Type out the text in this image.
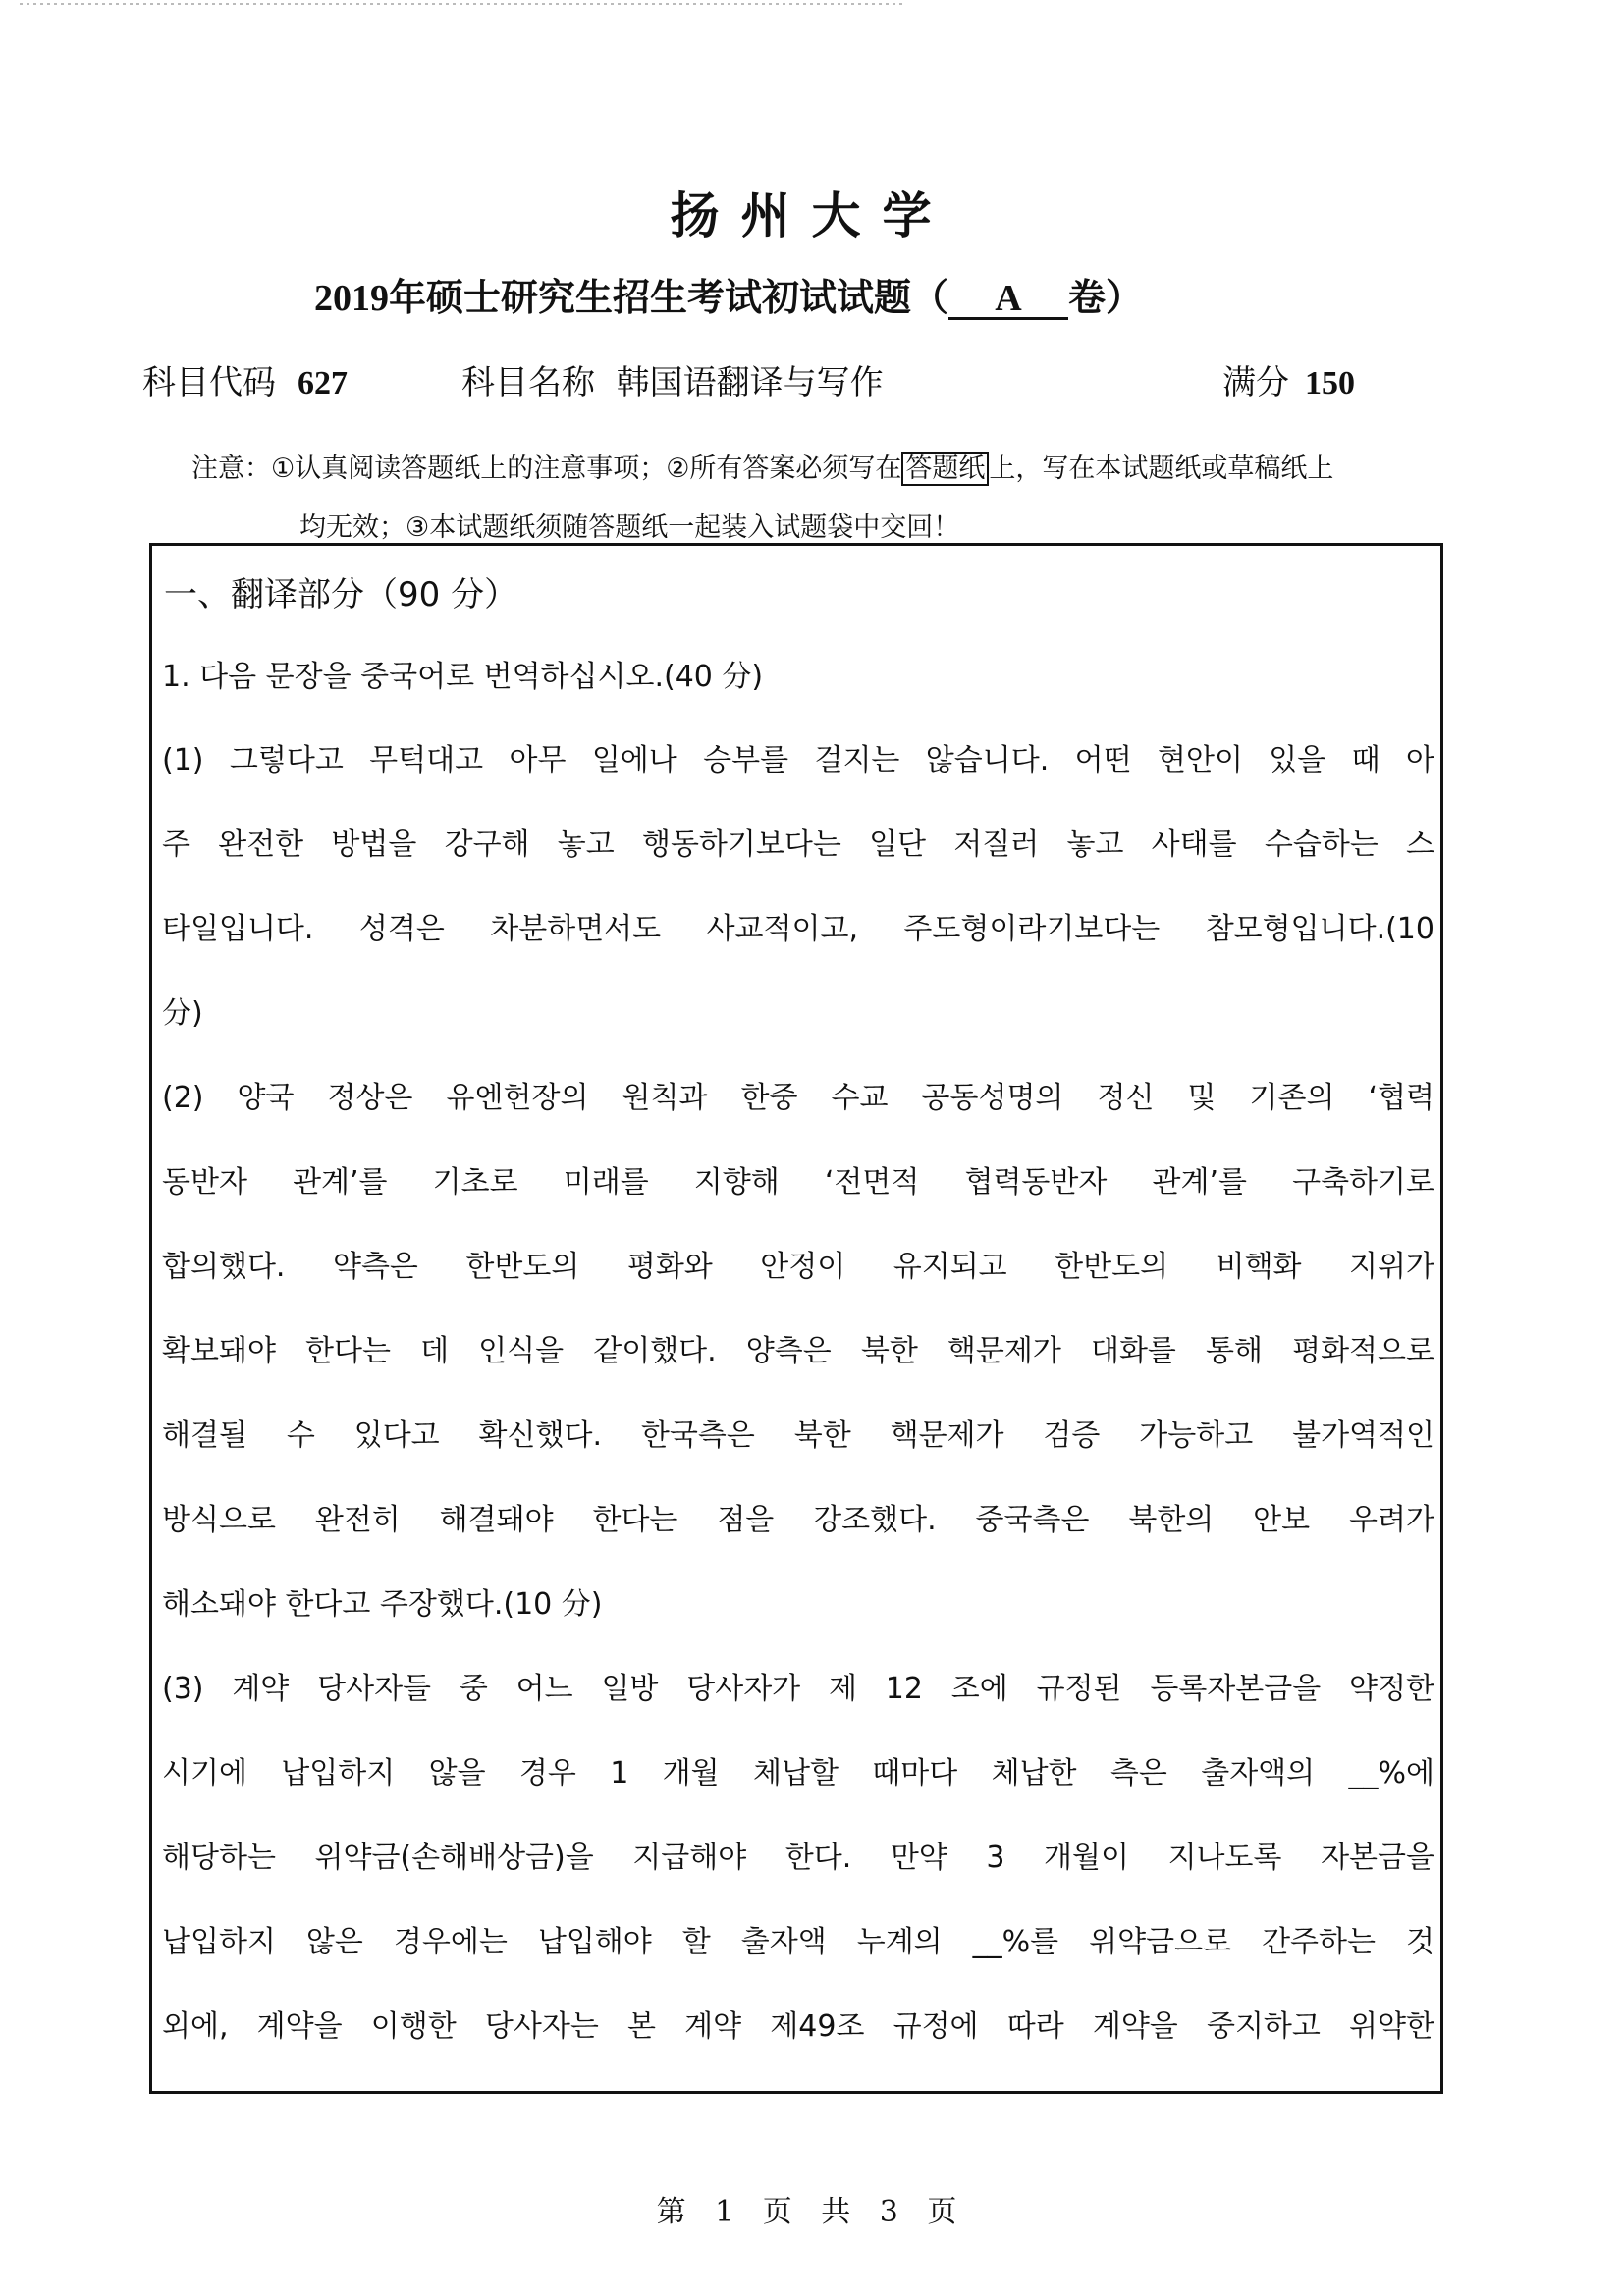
扬州大学
2019年硕士研究生招生考试初试试题（ A 卷）
科目代码 627	科目名称 韩国语翻译与写作	满分 150
注意：①认真阅读答题纸上的注意事项；②所有答案必须写在 答题纸 上，写在本试题纸或草稿纸上
均无效；③本试题纸须随答题纸一起装入试题袋中交回！
一、翻译部分（90 分）
1. 다음 문장을 중국어로 번역하십시오.(40 分)
(1) 그렇다고 무턱대고 아무 일에나 승부를 걸지는 않습니다. 어떤 현안이 있을 때 아
주 완전한 방법을 강구해 놓고 행동하기보다는 일단 저질러 놓고 사태를 수습하는 스
타일입니다. 성격은 차분하면서도 사교적이고, 주도형이라기보다는 참모형입니다.(10
分)
(2) 양국 정상은 유엔헌장의 원칙과 한중 수교 공동성명의 정신 및 기존의 ‘협력
동반자 관계’를 기초로 미래를 지향해 ‘전면적 협력동반자 관계’를 구축하기로
합의했다. 약측은 한반도의 평화와 안정이 유지되고 한반도의 비핵화 지위가
확보돼야 한다는 데 인식을 같이했다. 양측은 북한 핵문제가 대화를 통해 평화적으로
해결될 수 있다고 확신했다. 한국측은 북한 핵문제가 검증 가능하고 불가역적인
방식으로 완전히 해결돼야 한다는 점을 강조했다. 중국측은 북한의 안보 우려가
해소돼야 한다고 주장했다.(10 分)
(3) 계약 당사자들 중 어느 일방 당사자가 제 12 조에 규정된 등록자본금을 약정한
시기에 납입하지 않을 경우 1 개월 체납할 때마다 체납한 측은 출자액의 __%에
해당하는 위약금(손해배상금)을 지급해야 한다. 만약 3 개월이 지나도록 자본금을
납입하지 않은 경우에는 납입해야 할 출자액 누계의 __%를 위약금으로 간주하는 것
외에, 계약을 이행한 당사자는 본 계약 제49조 규정에 따라 계약을 중지하고 위약한
第 1 页 共 3 页
